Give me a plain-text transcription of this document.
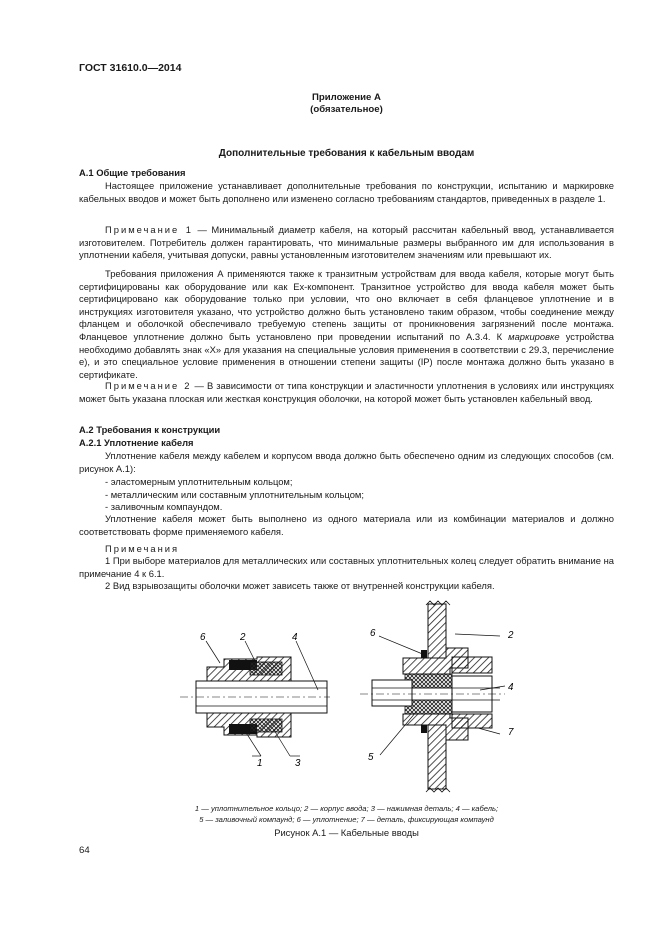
ГОСТ 31610.0—2014
Приложение А
(обязательное)
Дополнительные требования к кабельным вводам
А.1 Общие требования

Настоящее приложение устанавливает дополнительные требования по конструкции, испытанию и маркировке кабельных вводов и может быть дополнено или изменено согласно требованиям стандартов, приведенных в разделе 1.

Примечание 1 — Минимальный диаметр кабеля, на который рассчитан кабельный ввод, устанавливается изготовителем. Потребитель должен гарантировать, что минимальные размеры выбранного им для использования в уплотнении кабеля, учитывая допуски, равны установленным изготовителем значениям или превышают их.

Требования приложения А применяются также к транзитным устройствам для ввода кабеля, которые могут быть сертифицированы как оборудование или как Ех-компонент. Транзитное устройство для ввода кабеля может быть сертифицировано как оборудование только при условии, что оно включает в себя фланцевое уплотнение и в инструкциях изготовителя указано, что устройство должно быть установлено таким образом, чтобы соединение между фланцем и оболочкой обеспечивало требуемую степень защиты от проникновения загрязнений после монтажа. Фланцевое уплотнение должно быть установлено при проведении испытаний по А.3.4. К маркировке устройства необходимо добавлять знак «Х» для указания на специальные условия применения в соответствии с 29.3, перечисление е), и это специальное условие применения в отношении степени защиты (IP) после монтажа должно быть указано в сертификате.

Примечание 2 — В зависимости от типа конструкции и эластичности уплотнения в условиях или инструкциях может быть указана плоская или жесткая конструкция оболочки, на которой может быть установлен кабельный ввод.

А.2 Требования к конструкции
А.2.1 Уплотнение кабеля

Уплотнение кабеля между кабелем и корпусом ввода должно быть обеспечено одним из следующих способов (см. рисунок А.1):

- эластомерным уплотнительным кольцом;
- металлическим или составным уплотнительным кольцом;
- заливочным компаундом.

Уплотнение кабеля может быть выполнено из одного материала или из комбинации материалов и должно соответствовать форме применяемого кабеля.

Примечания

1 При выборе материалов для металлических или составных уплотнительных колец следует обратить внимание на примечание 4 к 6.1.

2 Вид взрывозащиты оболочки может зависеть также от внутренней конструкции кабеля.
6	2	4
1	3
6	2
4
7
5
1 — уплотнительное кольцо; 2 — корпус ввода; 3 — нажимная деталь; 4 — кабель;
5 — заливочный компаунд; 6 — уплотнение; 7 — деталь, фиксирующая компаунд
Рисунок А.1 — Кабельные вводы
64
